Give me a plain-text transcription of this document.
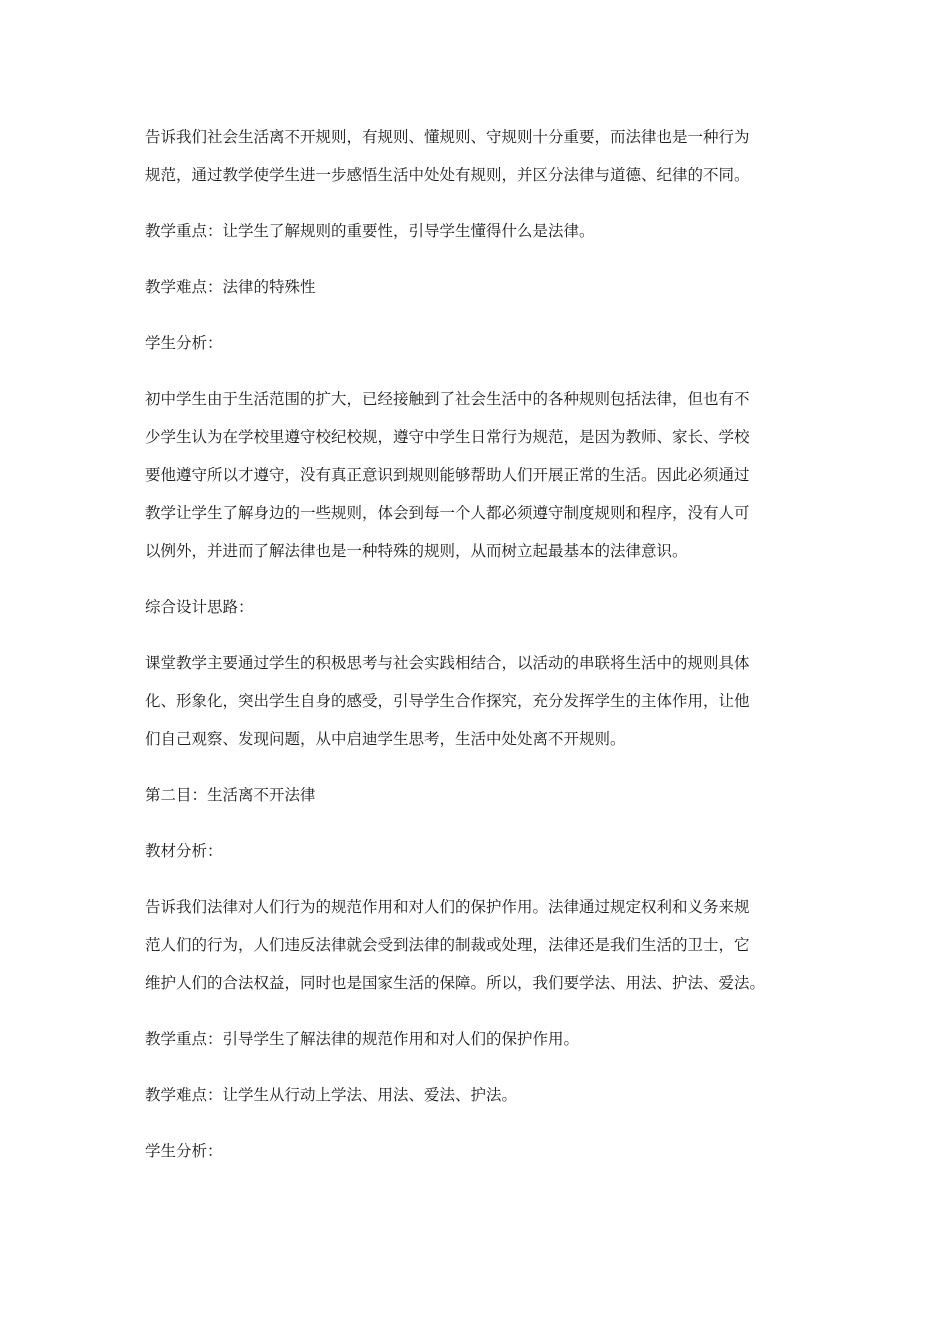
告诉我们社会生活离不开规则，有规则、懂规则、守规则十分重要，而法律也是一种行为
规范，通过教学使学生进一步感悟生活中处处有规则，并区分法律与道德、纪律的不同。

教学重点：让学生了解规则的重要性，引导学生懂得什么是法律。

教学难点：法律的特殊性

学生分析：

初中学生由于生活范围的扩大，已经接触到了社会生活中的各种规则包括法律，但也有不
少学生认为在学校里遵守校纪校规，遵守中学生日常行为规范，是因为教师、家长、学校
要他遵守所以才遵守，没有真正意识到规则能够帮助人们开展正常的生活。因此必须通过
教学让学生了解身边的一些规则，体会到每一个人都必须遵守制度规则和程序，没有人可
以例外，并进而了解法律也是一种特殊的规则，从而树立起最基本的法律意识。

综合设计思路：

课堂教学主要通过学生的积极思考与社会实践相结合，以活动的串联将生活中的规则具体
化、形象化，突出学生自身的感受，引导学生合作探究，充分发挥学生的主体作用，让他
们自己观察、发现问题，从中启迪学生思考，生活中处处离不开规则。

第二目：生活离不开法律

教材分析：

告诉我们法律对人们行为的规范作用和对人们的保护作用。法律通过规定权利和义务来规
范人们的行为，人们违反法律就会受到法律的制裁或处理，法律还是我们生活的卫士，它
维护人们的合法权益，同时也是国家生活的保障。所以，我们要学法、用法、护法、爱法。

教学重点：引导学生了解法律的规范作用和对人们的保护作用。

教学难点：让学生从行动上学法、用法、爱法、护法。

学生分析：
